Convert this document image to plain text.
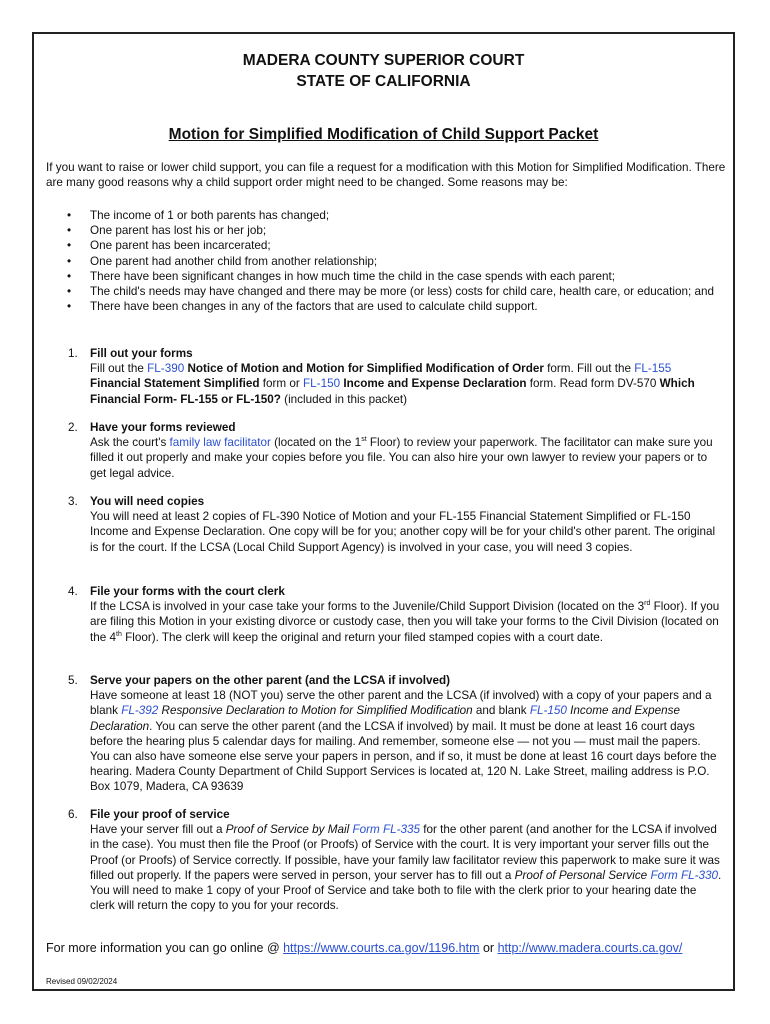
MADERA COUNTY SUPERIOR COURT
STATE OF CALIFORNIA
Motion for Simplified Modification of Child Support Packet
If you want to raise or lower child support, you can file a request for a modification with this Motion for Simplified Modification. There are many good reasons why a child support order might need to be changed. Some reasons may be:
• The income of 1 or both parents has changed;
• One parent has lost his or her job;
• One parent has been incarcerated;
• One parent had another child from another relationship;
• There have been significant changes in how much time the child in the case spends with each parent;
• The child's needs may have changed and there may be more (or less) costs for child care, health care, or education; and
• There have been changes in any of the factors that are used to calculate child support.
1. Fill out your forms
Fill out the FL-390 Notice of Motion and Motion for Simplified Modification of Order form. Fill out the FL-155 Financial Statement Simplified form or FL-150 Income and Expense Declaration form. Read form DV-570 Which Financial Form- FL-155 or FL-150? (included in this packet)
2. Have your forms reviewed
Ask the court's family law facilitator (located on the 1st Floor) to review your paperwork. The facilitator can make sure you filled it out properly and make your copies before you file. You can also hire your own lawyer to review your papers or to get legal advice.
3. You will need copies
You will need at least 2 copies of FL-390 Notice of Motion and your FL-155 Financial Statement Simplified or FL-150 Income and Expense Declaration. One copy will be for you; another copy will be for your child's other parent. The original is for the court. If the LCSA (Local Child Support Agency) is involved in your case, you will need 3 copies.
4. File your forms with the court clerk
If the LCSA is involved in your case take your forms to the Juvenile/Child Support Division (located on the 3rd Floor). If you are filing this Motion in your existing divorce or custody case, then you will take your forms to the Civil Division (located on the 4th Floor). The clerk will keep the original and return your filed stamped copies with a court date.
5. Serve your papers on the other parent (and the LCSA if involved)
Have someone at least 18 (NOT you) serve the other parent and the LCSA (if involved) with a copy of your papers and a blank FL-392 Responsive Declaration to Motion for Simplified Modification and blank FL-150 Income and Expense Declaration. You can serve the other parent (and the LCSA if involved) by mail. It must be done at least 16 court days before the hearing plus 5 calendar days for mailing. And remember, someone else — not you — must mail the papers. You can also have someone else serve your papers in person, and if so, it must be done at least 16 court days before the hearing. Madera County Department of Child Support Services is located at, 120 N. Lake Street, mailing address is P.O. Box 1079, Madera, CA 93639
6. File your proof of service
Have your server fill out a Proof of Service by Mail Form FL-335 for the other parent (and another for the LCSA if involved in the case). You must then file the Proof (or Proofs) of Service with the court. It is very important your server fills out the Proof (or Proofs) of Service correctly. If possible, have your family law facilitator review this paperwork to make sure it was filled out properly. If the papers were served in person, your server has to fill out a Proof of Personal Service Form FL-330. You will need to make 1 copy of your Proof of Service and take both to file with the clerk prior to your hearing date the clerk will return the copy to you for your records.
For more information you can go online @ https://www.courts.ca.gov/1196.htm or http://www.madera.courts.ca.gov/
Revised 09/02/2024
